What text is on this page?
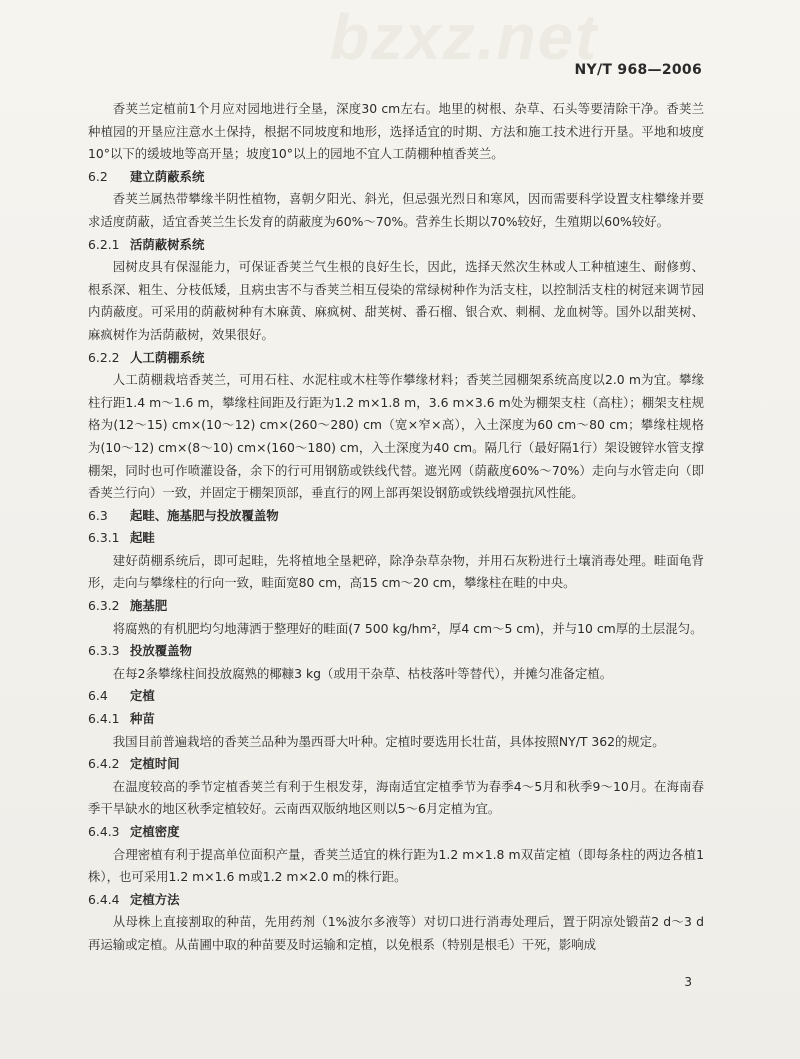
bzxz.net
NY/T 968—2006

香荚兰定植前1个月应对园地进行全垦，深度30 cm左右。地里的树根、杂草、石头等要清除干净。香荚兰种植园的开垦应注意水土保持，根据不同坡度和地形，选择适宜的时期、方法和施工技术进行开垦。平地和坡度10°以下的缓坡地等高开垦；坡度10°以上的园地不宜人工荫棚种植香荚兰。

6.2 建立荫蔽系统

香荚兰属热带攀缘半阴性植物，喜朝夕阳光、斜光，但忌强光烈日和寒风，因而需要科学设置支柱攀缘并要求适度荫蔽，适宜香荚兰生长发育的荫蔽度为60%～70%。营养生长期以70%较好，生殖期以60%较好。

6.2.1 活荫蔽树系统

园树皮具有保湿能力，可保证香荚兰气生根的良好生长，因此，选择天然次生林或人工种植速生、耐修剪、根系深、粗生、分枝低矮，且病虫害不与香荚兰相互侵染的常绿树种作为活支柱，以控制活支柱的树冠来调节园内荫蔽度。可采用的荫蔽树种有木麻黄、麻疯树、甜荚树、番石榴、银合欢、刺桐、龙血树等。国外以甜荚树、麻疯树作为活荫蔽树，效果很好。

6.2.2 人工荫棚系统

人工荫棚栽培香荚兰，可用石柱、水泥柱或木柱等作攀缘材料；香荚兰园棚架系统高度以2.0 m为宜。攀缘柱行距1.4 m～1.6 m，攀缘柱间距及行距为1.2 m×1.8 m，3.6 m×3.6 m处为棚架支柱（高柱）；棚架支柱规格为(12～15) cm×(10～12) cm×(260～280) cm（宽×窄×高），入土深度为60 cm～80 cm；攀缘柱规格为(10～12) cm×(8～10) cm×(160～180) cm，入土深度为40 cm。隔几行（最好隔1行）架设镀锌水管支撑棚架，同时也可作喷灌设备，余下的行可用钢筋或铁线代替。遮光网（荫蔽度60%～70%）走向与水管走向（即香荚兰行向）一致，并固定于棚架顶部，垂直行的网上部再架设钢筋或铁线增强抗风性能。

6.3 起畦、施基肥与投放覆盖物

6.3.1 起畦

建好荫棚系统后，即可起畦，先将植地全垦耙碎，除净杂草杂物，并用石灰粉进行土壤消毒处理。畦面龟背形，走向与攀缘柱的行向一致，畦面宽80 cm，高15 cm～20 cm，攀缘柱在畦的中央。

6.3.2 施基肥

将腐熟的有机肥均匀地薄洒于整理好的畦面(7 500 kg/hm²，厚4 cm～5 cm)，并与10 cm厚的土层混匀。

6.3.3 投放覆盖物

在每2条攀缘柱间投放腐熟的椰糠3 kg（或用干杂草、枯枝落叶等替代），并摊匀准备定植。

6.4 定植

6.4.1 种苗

我国目前普遍栽培的香荚兰品种为墨西哥大叶种。定植时要选用长壮苗，具体按照NY/T 362的规定。

6.4.2 定植时间

在温度较高的季节定植香荚兰有利于生根发芽，海南适宜定植季节为春季4～5月和秋季9～10月。在海南春季干旱缺水的地区秋季定植较好。云南西双版纳地区则以5～6月定植为宜。

6.4.3 定植密度

合理密植有利于提高单位面积产量，香荚兰适宜的株行距为1.2 m×1.8 m双苗定植（即每条柱的两边各植1株），也可采用1.2 m×1.6 m或1.2 m×2.0 m的株行距。

6.4.4 定植方法

从母株上直接割取的种苗，先用药剂（1%波尔多液等）对切口进行消毒处理后，置于阴凉处锻苗2 d～3 d再运输或定植。从苗圃中取的种苗要及时运输和定植，以免根系（特别是根毛）干死，影响成

3
